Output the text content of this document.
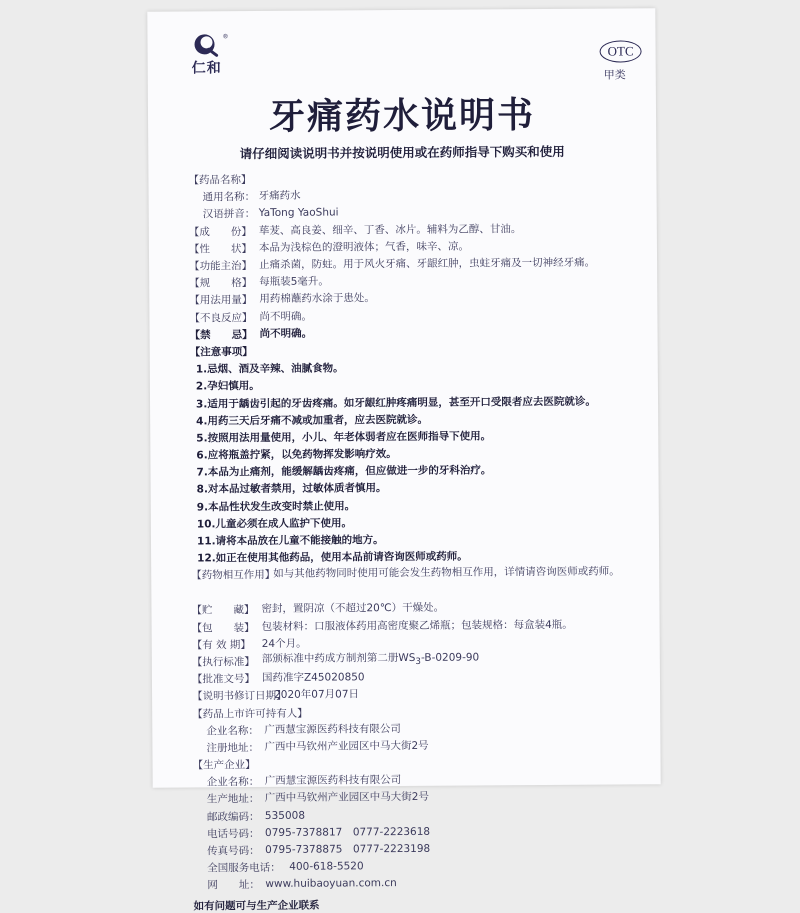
®
仁和
OTC
甲类
牙痛药水说明书
请仔细阅读说明书并按说明使用或在药师指导下购买和使用
【药品名称】
通用名称： 牙痛药水
汉语拼音： YaTong YaoShui
【成　　份】 荜茇、高良姜、细辛、丁香、冰片。辅料为乙醇、甘油。
【性　　状】 本品为浅棕色的澄明液体；气香，味辛、凉。
【功能主治】 止痛杀菌，防蛀。用于风火牙痛、牙龈红肿，虫蛀牙痛及一切神经牙痛。
【规　　格】 每瓶装5毫升。
【用法用量】 用药棉蘸药水涂于患处。
【不良反应】 尚不明确。
【禁　　忌】 尚不明确。
【注意事项】
1.忌烟、酒及辛辣、油腻食物。
2.孕妇慎用。
3.适用于龋齿引起的牙齿疼痛。如牙龈红肿疼痛明显，甚至开口受限者应去医院就诊。
4.用药三天后牙痛不减或加重者，应去医院就诊。
5.按照用法用量使用，小儿、年老体弱者应在医师指导下使用。
6.应将瓶盖拧紧，以免药物挥发影响疗效。
7.本品为止痛剂，能缓解龋齿疼痛，但应做进一步的牙科治疗。
8.对本品过敏者禁用，过敏体质者慎用。
9.本品性状发生改变时禁止使用。
10.儿童必须在成人监护下使用。
11.请将本品放在儿童不能接触的地方。
12.如正在使用其他药品，使用本品前请咨询医师或药师。
【药物相互作用】
如与其他药物同时使用可能会发生药物相互作用，详情请咨询医师或药师。
【贮　　藏】 密封，置阴凉（不超过20℃）干燥处。
【包　　装】 包装材料：口服液体药用高密度聚乙烯瓶；包装规格：每盒装4瓶。
【有 效 期】	24个月。
【执行标准】 部颁标准中药成方制剂第二册$WS_3-B-0209-90$
【批准文号】 国药准字Z45020850
【说明书修订日期】
2020年07月07日
【药品上市许可持有人】
企业名称： 广西慧宝源医药科技有限公司
注册地址： 广西中马钦州产业园区中马大街2号
【生产企业】
企业名称： 广西慧宝源医药科技有限公司
生产地址： 广西中马钦州产业园区中马大街2号
邮政编码： 535008
电话号码： 0795-7378817　0777-2223618
传真号码： 0795-7378875　0777-2223198
全国服务电话： 400-618-5520
网　　址： www.huibaoyuan.com.cn
如有问题可与生产企业联系
